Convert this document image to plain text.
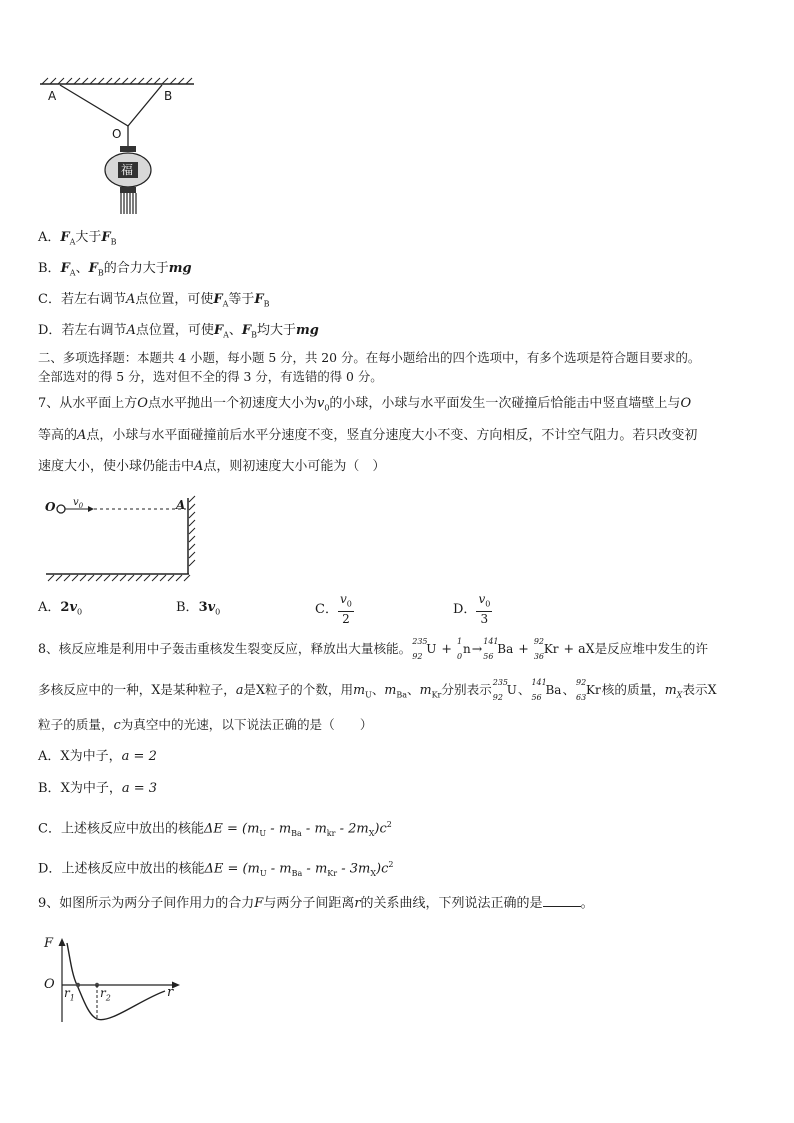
A	B
O
福
A．$F_A$大于$F_B$
B．$F_A$、$F_B$的合力大于mg
C．若左右调节A点位置，可使$F_A$等于$F_B$
D．若左右调节A点位置，可使$F_A$、$F_B$均大于mg
二、多项选择题：本题共 4 小题，每小题 5 分，共 20 分。在每小题给出的四个选项中，有多个选项是符合题目要求的。
全部选对的得 5 分，选对但不全的得 3 分，有选错的得 0 分。
7、从水平面上方O点水平抛出一个初速度大小为$v_0$的小球，小球与水平面发生一次碰撞后恰能击中竖直墙壁上与O
等高的A点，小球与水平面碰撞前后水平分速度不变，竖直分速度大小不变、方向相反，不计空气阻力。若只改变初
速度大小，使小球仍能击中A点，则初速度大小可能为（　）
O $v_0$	A
A．$2v_0$	B．$3v_0$	C． $\frac{v_0}{2}$	D． $\frac{v_0}{3}$
8、核反应堆是利用中子轰击重核发生裂变反应，释放出大量核能。 235
92
U + 1
0
n→ 141
56
Ba + 92
36
Kr + aX是反应堆中发生的许
多核反应中的一种，X是某种粒子，a是X粒子的个数，用$m_U$、$m_{Ba}$、$m_{Kr}$分别表示 235
92
U、 141
56
Ba、 92
63
Kr核的质量，$m_X$表示X
粒子的质量，c为真空中的光速，以下说法正确的是（　　）
A．X为中子，a = 2
B．X为中子，a = 3
C．上述核反应中放出的核能$\Delta E = (m_U - m_{Ba} - m_{kr} - 2m_X)c^2$
D．上述核反应中放出的核能$\Delta E = (m_U - m_{Ba} - m_{Kr} - 3m_X)c^2$
9、如图所示为两分子间作用力的合力F与两分子间距离r的关系曲线，下列说法正确的是	。
F
O
$r_1$ $r_2$	r
